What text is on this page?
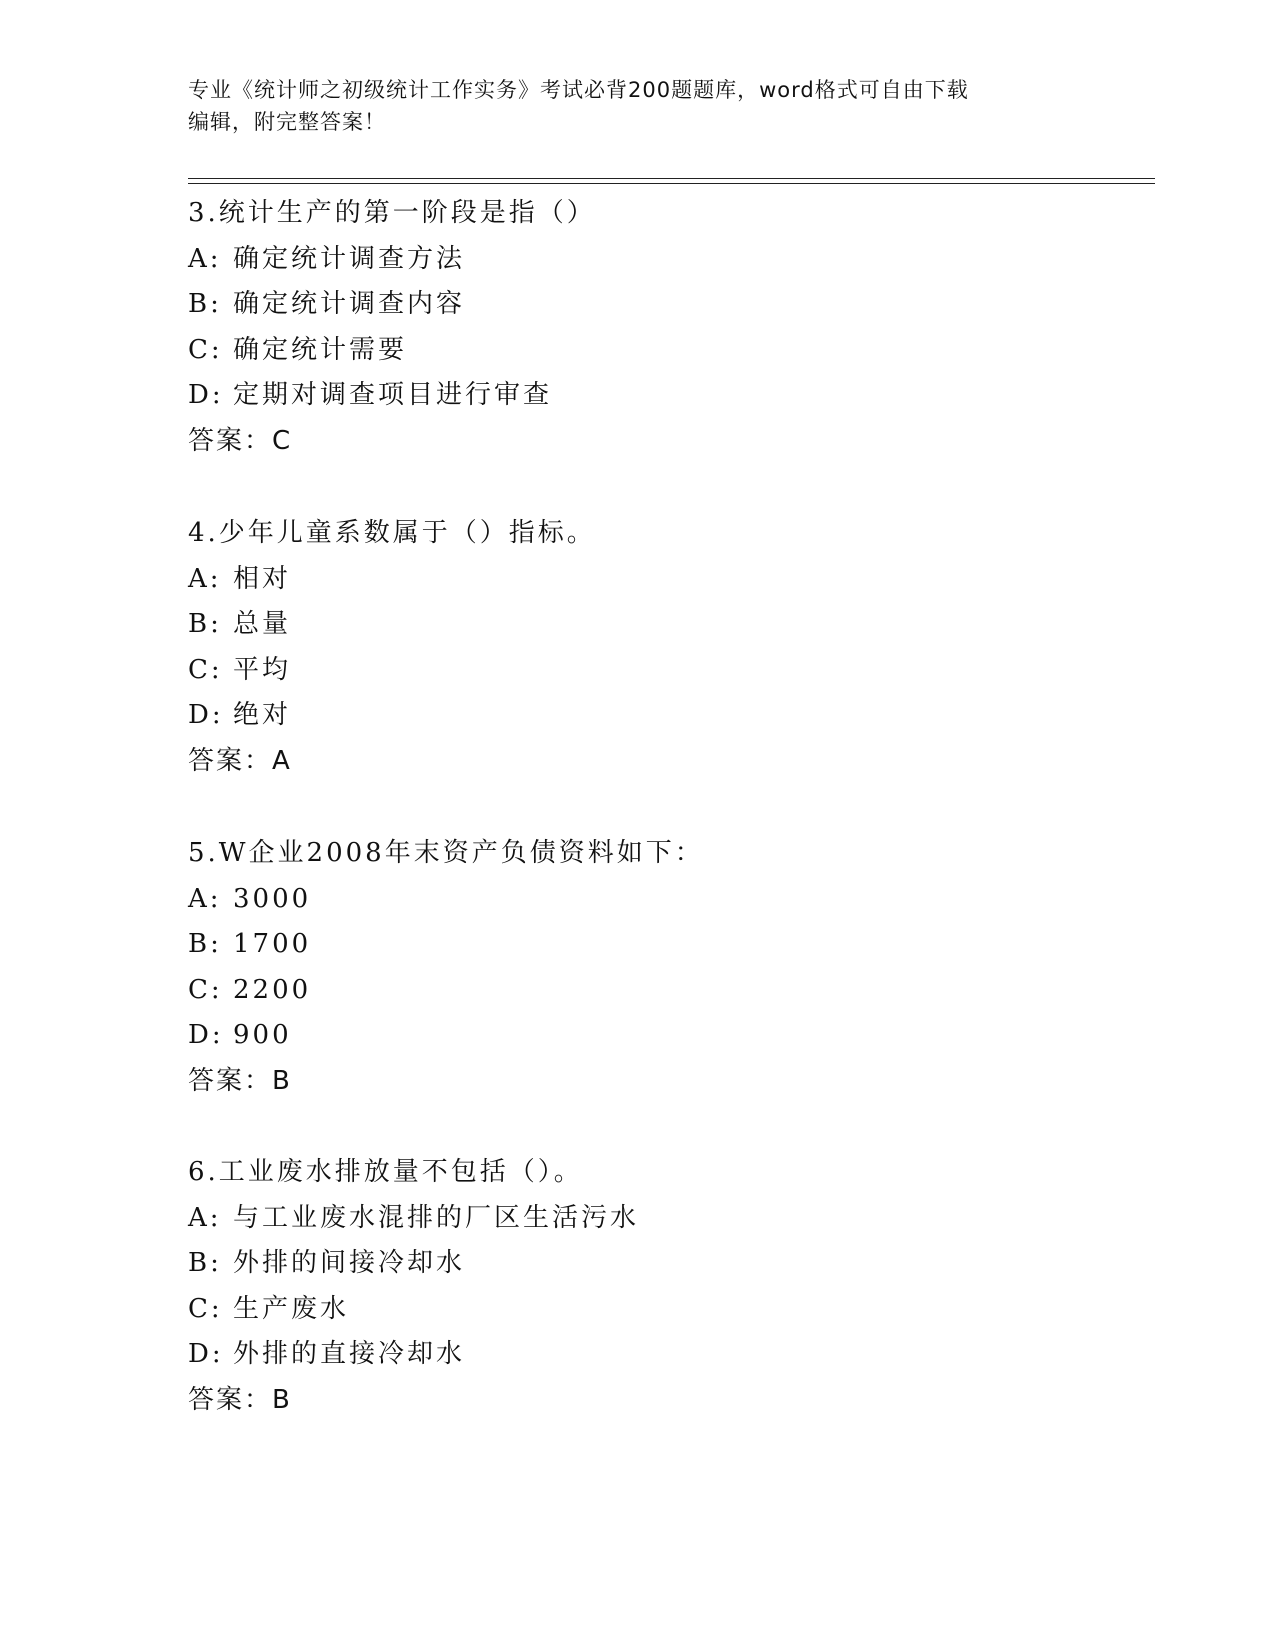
专业《统计师之初级统计工作实务》考试必背200题题库，word格式可自由下载
编辑，附完整答案！
3.统计生产的第一阶段是指（）
A: 确定统计调查方法
B: 确定统计调查内容
C: 确定统计需要
D: 定期对调查项目进行审查
答案：C
4.少年儿童系数属于（）指标。
A: 相对
B: 总量
C: 平均
D: 绝对
答案：A
5.W企业2008年末资产负债资料如下：
A: 3000
B: 1700
C: 2200
D: 900
答案：B
6.工业废水排放量不包括（）。
A: 与工业废水混排的厂区生活污水
B: 外排的间接冷却水
C: 生产废水
D: 外排的直接冷却水
答案：B
